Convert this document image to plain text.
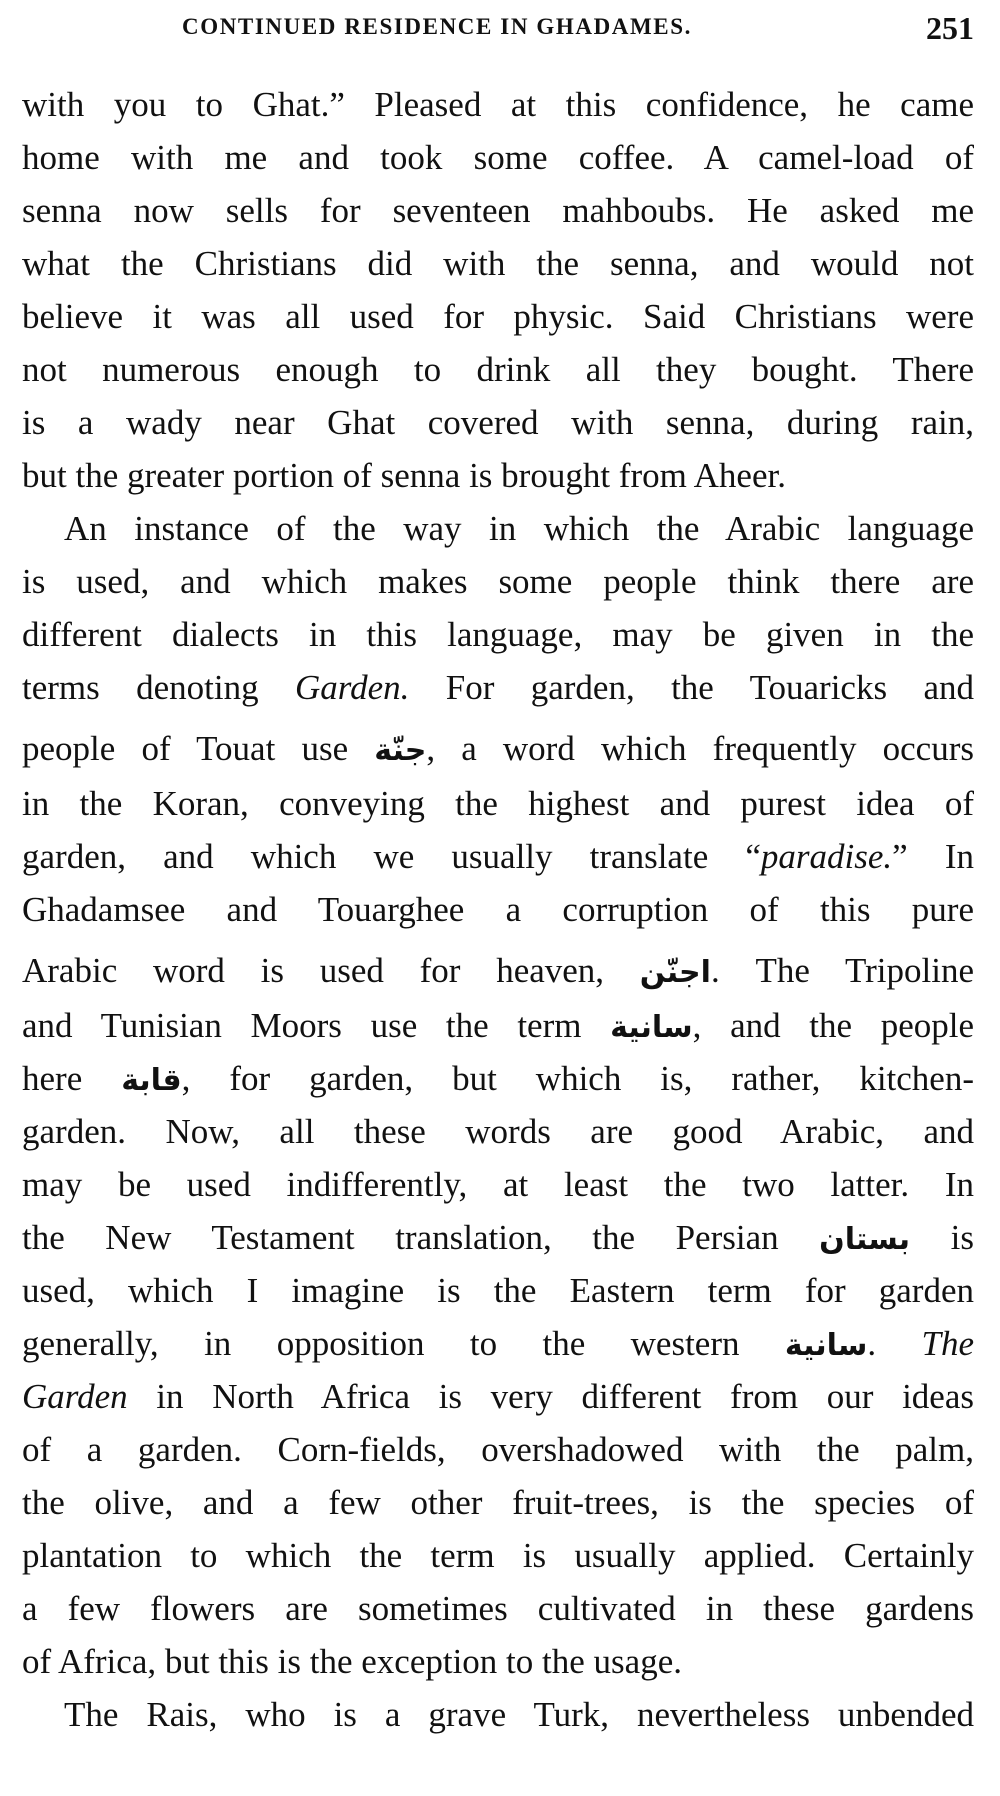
CONTINUED RESIDENCE IN GHADAMES.	251
with you to Ghat.” Pleased at this confidence, he came
home with me and took some coffee. A camel-load of
senna now sells for seventeen mahboubs. He asked me
what the Christians did with the senna, and would not
believe it was all used for physic. Said Christians were
not numerous enough to drink all they bought. There
is a wady near Ghat covered with senna, during rain,
but the greater portion of senna is brought from Aheer.
An instance of the way in which the Arabic language
is used, and which makes some people think there are
different dialects in this language, may be given in the
terms denoting Garden. For garden, the Touaricks and
people of Touat use جنّة, a word which frequently occurs
in the Koran, conveying the highest and purest idea of
garden, and which we usually translate “paradise.” In
Ghadamsee and Touarghee a corruption of this pure
Arabic word is used for heaven, اجنّن. The Tripoline
and Tunisian Moors use the term سانية, and the people
here قابة, for garden, but which is, rather, kitchen-
garden. Now, all these words are good Arabic, and
may be used indifferently, at least the two latter. In
the New Testament translation, the Persian بستان is
used, which I imagine is the Eastern term for garden
generally, in opposition to the western سانية. The
Garden in North Africa is very different from our ideas
of a garden. Corn-fields, overshadowed with the palm,
the olive, and a few other fruit-trees, is the species of
plantation to which the term is usually applied. Certainly
a few flowers are sometimes cultivated in these gardens
of Africa, but this is the exception to the usage.
The Rais, who is a grave Turk, nevertheless unbended
